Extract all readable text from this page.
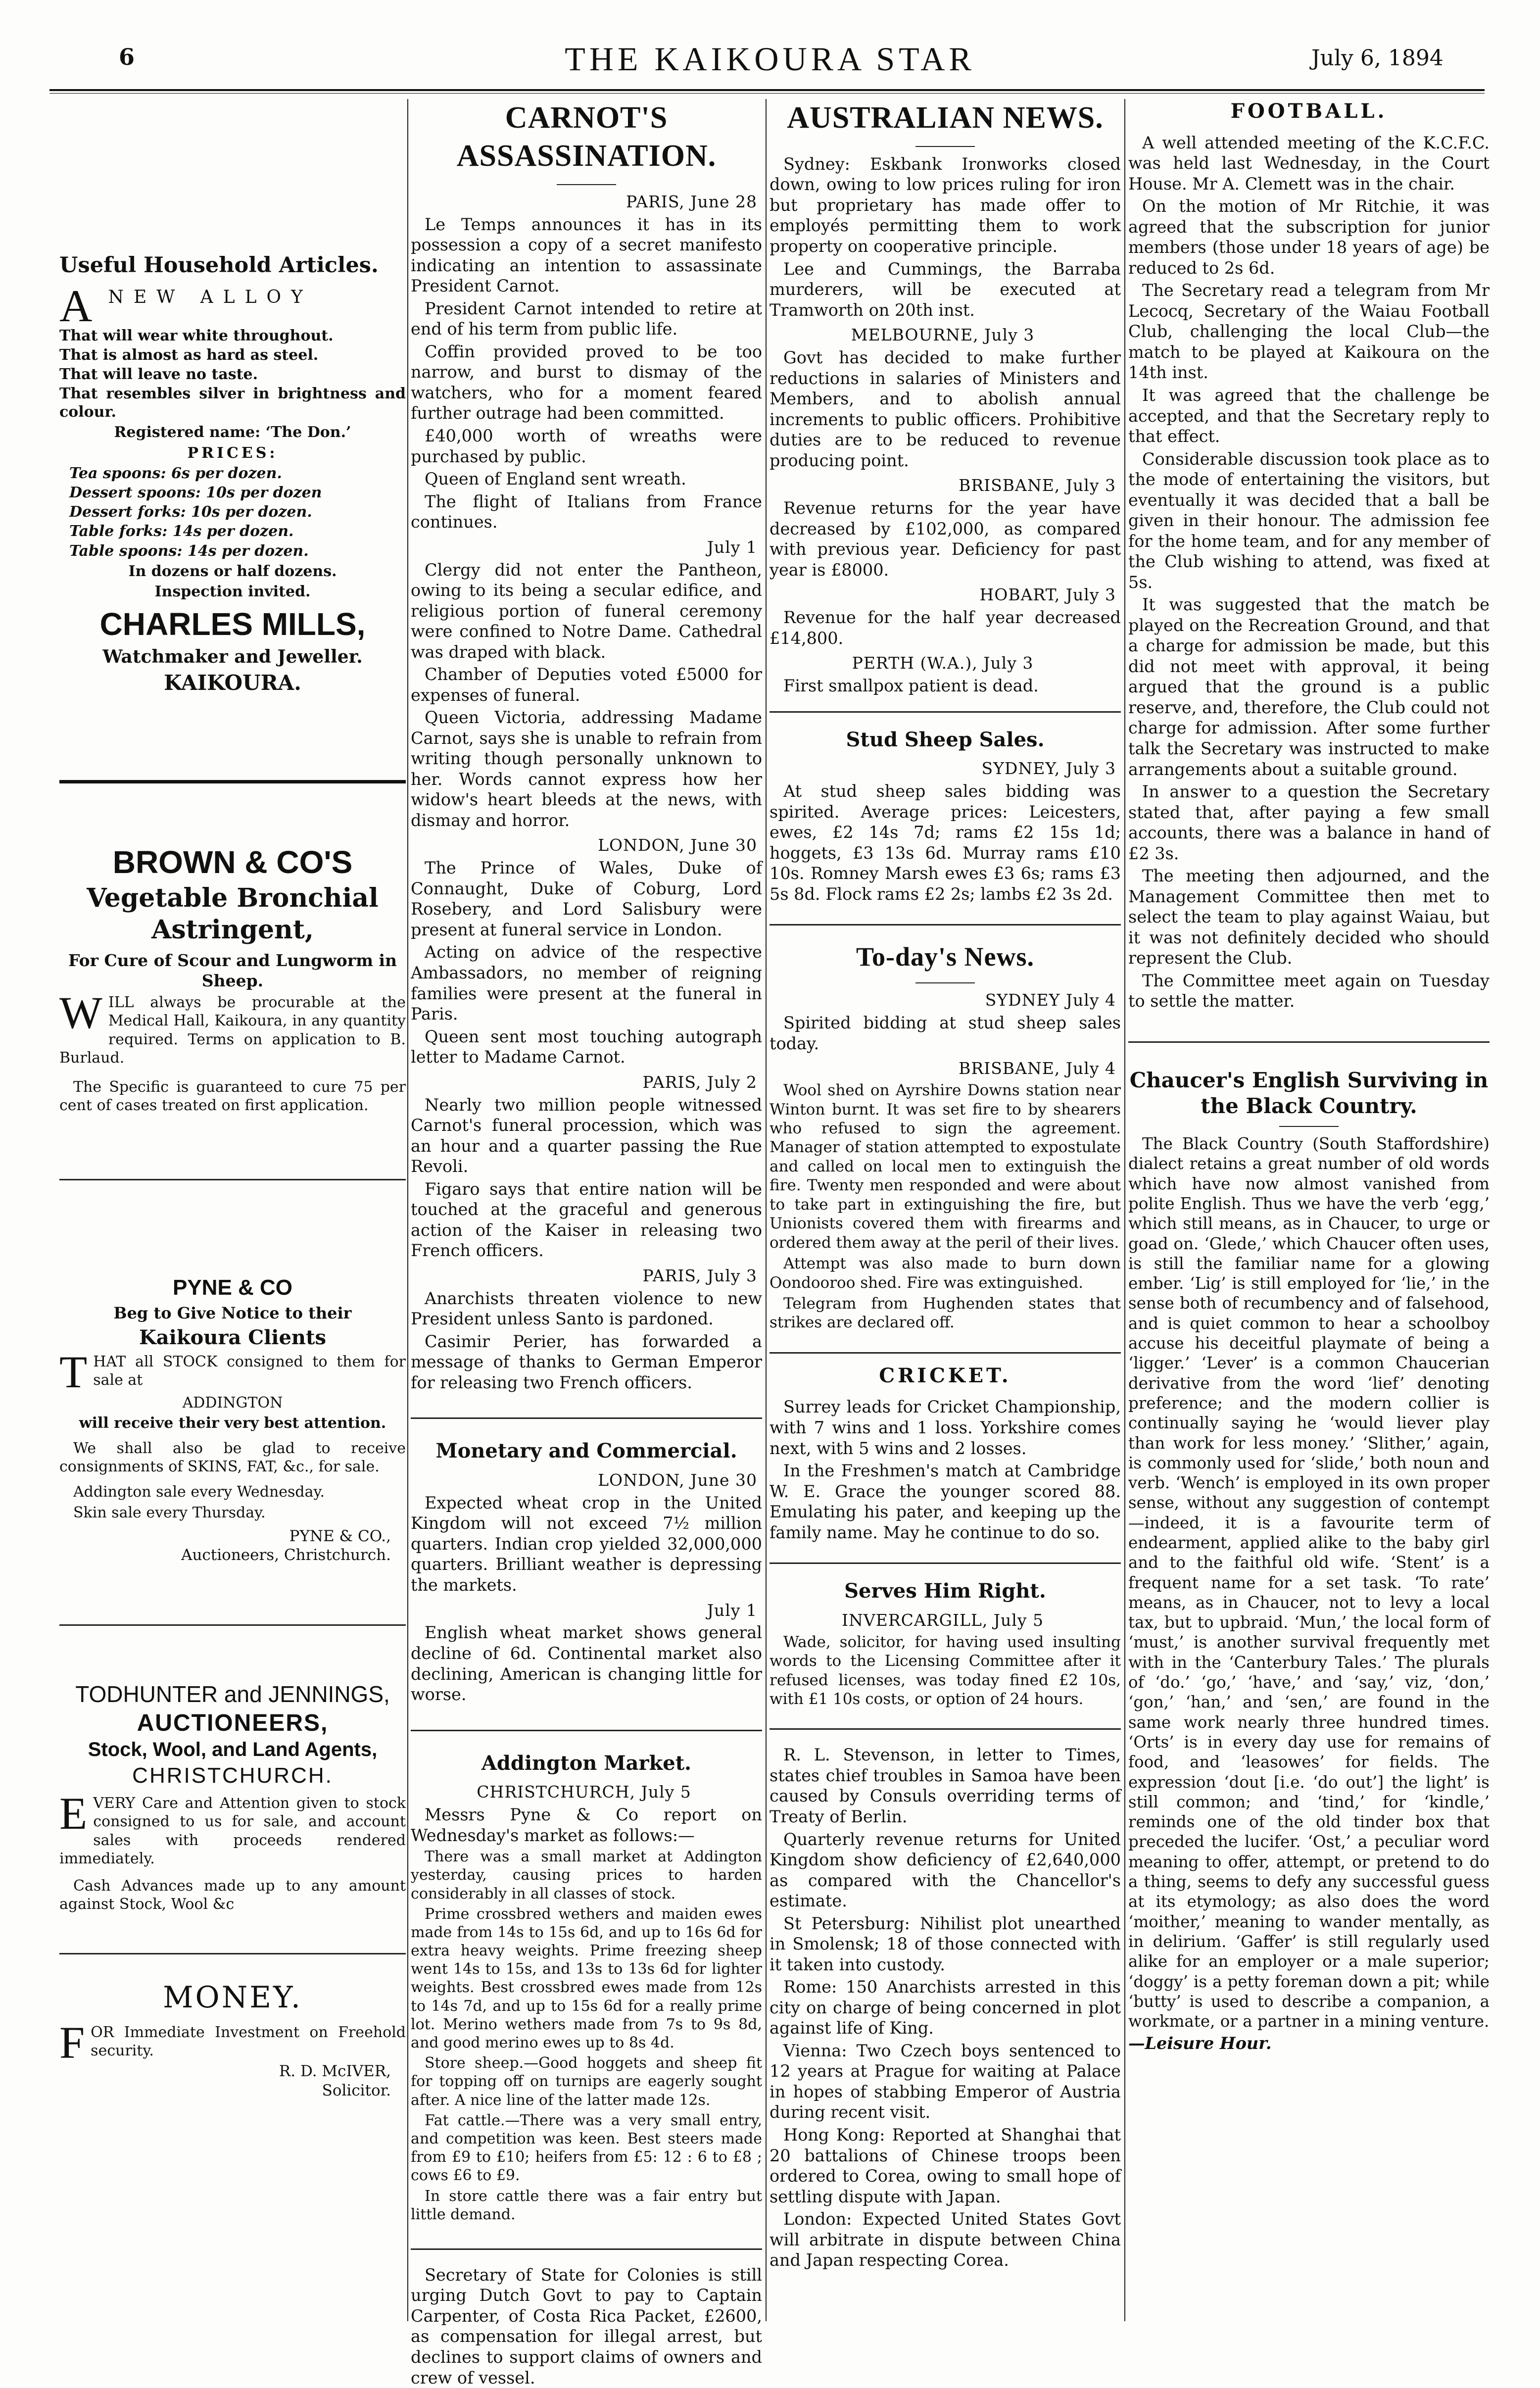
6	THE KAIKOURA STAR	July 6, 1894
Useful Household Articles.
A NEW ALLOY

That will wear white throughout.

That is almost as hard as steel.

That will leave no taste.

That resembles silver in brightness and colour.

Registered name: ‘The Don.’
PRICES:
Tea spoons: 6s per dozen.
Dessert spoons: 10s per dozen
Dessert forks: 10s per dozen.
Table forks: 14s per dozen.
Table spoons: 14s per dozen.
In dozens or half dozens.
Inspection invited.
CHARLES MILLS,
Watchmaker and Jeweller.
KAIKOURA.
BROWN & CO'S
Vegetable Bronchial Astringent,
For Cure of Scour and Lungworm in Sheep.

WILL always be procurable at the Medical Hall, Kaikoura, in any quantity required. Terms on application to B. Burlaud.

The Specific is guaranteed to cure 75 per cent of cases treated on first application.

PYNE & CO
Beg to Give Notice to their
Kaikoura Clients

THAT all STOCK consigned to them for sale at

ADDINGTON
will receive their very best attention.

We shall also be glad to receive consignments of SKINS, FAT, &c., for sale.

Addington sale every Wednesday.

Skin sale every Thursday.

PYNE & CO.,
Auctioneers, Christchurch.
TODHUNTER and JENNINGS,
AUCTIONEERS,
Stock, Wool, and Land Agents,
CHRISTCHURCH.

EVERY Care and Attention given to stock consigned to us for sale, and account sales with proceeds rendered immediately.

Cash Advances made up to any amount against Stock, Wool &c

MONEY.

FOR Immediate Investment on Freehold security.

R. D. McIVER,
Solicitor.
CARNOT'S ASSASSINATION.
PARIS, June 28

Le Temps announces it has in its possession a copy of a secret manifesto indicating an intention to assassinate President Carnot.

President Carnot intended to retire at end of his term from public life.

Coffin provided proved to be too narrow, and burst to dismay of the watchers, who for a moment feared further outrage had been committed.

£40,000 worth of wreaths were purchased by public.

Queen of England sent wreath.

The flight of Italians from France continues.

July 1

Clergy did not enter the Pantheon, owing to its being a secular edifice, and religious portion of funeral ceremony were confined to Notre Dame. Cathedral was draped with black.

Chamber of Deputies voted £5000 for expenses of funeral.

Queen Victoria, addressing Madame Carnot, says she is unable to refrain from writing though personally unknown to her. Words cannot express how her widow's heart bleeds at the news, with dismay and horror.

LONDON, June 30

The Prince of Wales, Duke of Connaught, Duke of Coburg, Lord Rosebery, and Lord Salisbury were present at funeral service in London.

Acting on advice of the respective Ambassadors, no member of reigning families were present at the funeral in Paris.

Queen sent most touching autograph letter to Madame Carnot.

PARIS, July 2

Nearly two million people witnessed Carnot's funeral procession, which was an hour and a quarter passing the Rue Revoli.

Figaro says that entire nation will be touched at the graceful and generous action of the Kaiser in releasing two French officers.

PARIS, July 3

Anarchists threaten violence to new President unless Santo is pardoned.

Casimir Perier, has forwarded a message of thanks to German Emperor for releasing two French officers.

Monetary and Commercial.
LONDON, June 30

Expected wheat crop in the United Kingdom will not exceed 7½ million quarters. Indian crop yielded 32,000,000 quarters. Brilliant weather is depressing the markets.

July 1

English wheat market shows general decline of 6d. Continental market also declining, American is changing little for worse.

Addington Market.
CHRISTCHURCH, July 5

Messrs Pyne & Co report on Wednesday's market as follows:—

There was a small market at Addington yesterday, causing prices to harden considerably in all classes of stock.

Prime crossbred wethers and maiden ewes made from 14s to 15s 6d, and up to 16s 6d for extra heavy weights. Prime freezing sheep went 14s to 15s, and 13s to 13s 6d for lighter weights. Best crossbred ewes made from 12s to 14s 7d, and up to 15s 6d for a really prime lot. Merino wethers made from 7s to 9s 8d, and good merino ewes up to 8s 4d.

Store sheep.—Good hoggets and sheep fit for topping off on turnips are eagerly sought after. A nice line of the latter made 12s.

Fat cattle.—There was a very small entry, and competition was keen. Best steers made from £9 to £10; heifers from £5: 12 : 6 to £8 ; cows £6 to £9.

In store cattle there was a fair entry but little demand.

Secretary of State for Colonies is still urging Dutch Govt to pay to Captain Carpenter, of Costa Rica Packet, £2600, as compensation for illegal arrest, but declines to support claims of owners and crew of vessel.

AUSTRALIAN NEWS.

Sydney: Eskbank Ironworks closed down, owing to low prices ruling for iron but proprietary has made offer to employés permitting them to work property on cooperative principle.

Lee and Cummings, the Barraba murderers, will be executed at Tramworth on 20th inst.

MELBOURNE, July 3

Govt has decided to make further reductions in salaries of Ministers and Members, and to abolish annual increments to public officers. Prohibitive duties are to be reduced to revenue producing point.

BRISBANE, July 3

Revenue returns for the year have decreased by £102,000, as compared with previous year. Deficiency for past year is £8000.

HOBART, July 3

Revenue for the half year decreased £14,800.

PERTH (W.A.), July 3

First smallpox patient is dead.

Stud Sheep Sales.
SYDNEY, July 3

At stud sheep sales bidding was spirited. Average prices: Leicesters, ewes, £2 14s 7d; rams £2 15s 1d; hoggets, £3 13s 6d. Murray rams £10 10s. Romney Marsh ewes £3 6s; rams £3 5s 8d. Flock rams £2 2s; lambs £2 3s 2d.

To-day's News.
SYDNEY July 4

Spirited bidding at stud sheep sales today.

BRISBANE, July 4

Wool shed on Ayrshire Downs station near Winton burnt. It was set fire to by shearers who refused to sign the agreement. Manager of station attempted to expostulate and called on local men to extinguish the fire. Twenty men responded and were about to take part in extinguishing the fire, but Unionists covered them with firearms and ordered them away at the peril of their lives.

Attempt was also made to burn down Oondooroo shed. Fire was extinguished.

Telegram from Hughenden states that strikes are declared off.

CRICKET.

Surrey leads for Cricket Championship, with 7 wins and 1 loss. Yorkshire comes next, with 5 wins and 2 losses.

In the Freshmen's match at Cambridge W. E. Grace the younger scored 88. Emulating his pater, and keeping up the family name. May he continue to do so.

Serves Him Right.
INVERCARGILL, July 5

Wade, solicitor, for having used insulting words to the Licensing Committee after it refused licenses, was today fined £2 10s, with £1 10s costs, or option of 24 hours.

R. L. Stevenson, in letter to Times, states chief troubles in Samoa have been caused by Consuls overriding terms of Treaty of Berlin.

Quarterly revenue returns for United Kingdom show deficiency of £2,640,000 as compared with the Chancellor's estimate.

St Petersburg: Nihilist plot unearthed in Smolensk; 18 of those connected with it taken into custody.

Rome: 150 Anarchists arrested in this city on charge of being concerned in plot against life of King.

Vienna: Two Czech boys sentenced to 12 years at Prague for waiting at Palace in hopes of stabbing Emperor of Austria during recent visit.

Hong Kong: Reported at Shanghai that 20 battalions of Chinese troops been ordered to Corea, owing to small hope of settling dispute with Japan.

London: Expected United States Govt will arbitrate in dispute between China and Japan respecting Corea.

FOOTBALL.

A well attended meeting of the K.C.F.C. was held last Wednesday, in the Court House. Mr A. Clemett was in the chair.

On the motion of Mr Ritchie, it was agreed that the subscription for junior members (those under 18 years of age) be reduced to 2s 6d.

The Secretary read a telegram from Mr Lecocq, Secretary of the Waiau Football Club, challenging the local Club—the match to be played at Kaikoura on the 14th inst.

It was agreed that the challenge be accepted, and that the Secretary reply to that effect.

Considerable discussion took place as to the mode of entertaining the visitors, but eventually it was decided that a ball be given in their honour. The admission fee for the home team, and for any member of the Club wishing to attend, was fixed at 5s.

It was suggested that the match be played on the Recreation Ground, and that a charge for admission be made, but this did not meet with approval, it being argued that the ground is a public reserve, and, therefore, the Club could not charge for admission. After some further talk the Secretary was instructed to make arrangements about a suitable ground.

In answer to a question the Secretary stated that, after paying a few small accounts, there was a balance in hand of £2 3s.

The meeting then adjourned, and the Management Committee then met to select the team to play against Waiau, but it was not definitely decided who should represent the Club.

The Committee meet again on Tuesday to settle the matter.

Chaucer's English Surviving in the Black Country.

The Black Country (South Staffordshire) dialect retains a great number of old words which have now almost vanished from polite English. Thus we have the verb ‘egg,’ which still means, as in Chaucer, to urge or goad on. ‘Glede,’ which Chaucer often uses, is still the familiar name for a glowing ember. ‘Lig’ is still employed for ‘lie,’ in the sense both of recumbency and of falsehood, and is quiet common to hear a schoolboy accuse his deceitful playmate of being a ‘ligger.’ ‘Lever’ is a common Chaucerian derivative from the word ‘lief’ denoting preference; and the modern collier is continually saying he ‘would liever play than work for less money.’ ‘Slither,’ again, is commonly used for ‘slide,’ both noun and verb. ‘Wench’ is employed in its own proper sense, without any suggestion of contempt—indeed, it is a favourite term of endearment, applied alike to the baby girl and to the faithful old wife. ‘Stent’ is a frequent name for a set task. ‘To rate’ means, as in Chaucer, not to levy a local tax, but to upbraid. ‘Mun,’ the local form of ‘must,’ is another survival frequently met with in the ‘Canterbury Tales.’ The plurals of ‘do.’ ‘go,’ ‘have,’ and ‘say,’ viz, ‘don,’ ‘gon,’ ‘han,’ and ‘sen,’ are found in the same work nearly three hundred times. ‘Orts’ is in every day use for remains of food, and ‘leasowes’ for fields. The expression ‘dout [i.e. ‘do out’] the light’ is still common; and ‘tind,’ for ‘kindle,’ reminds one of the old tinder box that preceded the lucifer. ‘Ost,’ a peculiar word meaning to offer, attempt, or pretend to do a thing, seems to defy any successful guess at its etymology; as also does the word ‘moither,’ meaning to wander mentally, as in delirium. ‘Gaffer’ is still regularly used alike for an employer or a male superior; ‘doggy’ is a petty foreman down a pit; while ‘butty’ is used to describe a companion, a workmate, or a partner in a mining venture.

—Leisure Hour.
